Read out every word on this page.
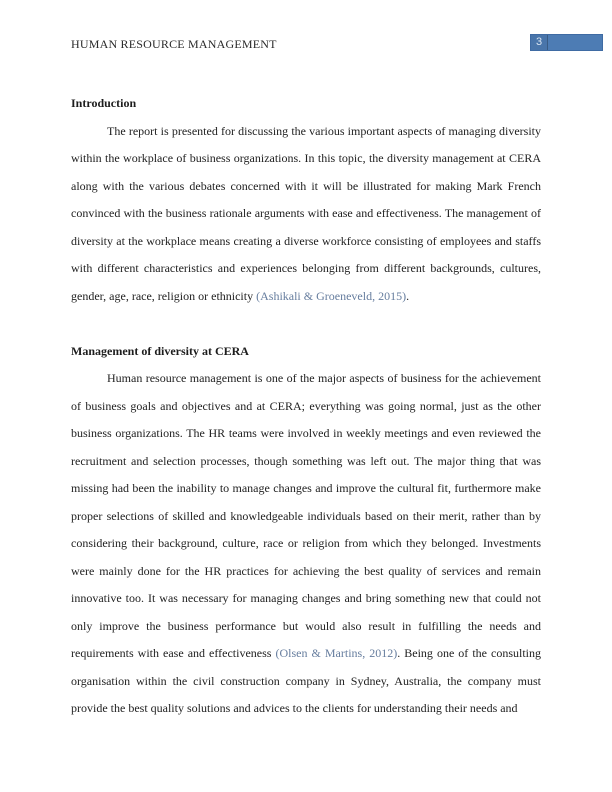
HUMAN RESOURCE MANAGEMENT	3
Introduction

The report is presented for discussing the various important aspects of managing diversity within the workplace of business organizations. In this topic, the diversity management at CERA along with the various debates concerned with it will be illustrated for making Mark French convinced with the business rationale arguments with ease and effectiveness. The management of diversity at the workplace means creating a diverse workforce consisting of employees and staffs with different characteristics and experiences belonging from different backgrounds, cultures, gender, age, race, religion or ethnicity (Ashikali & Groeneveld, 2015).

Management of diversity at CERA

Human resource management is one of the major aspects of business for the achievement of business goals and objectives and at CERA; everything was going normal, just as the other business organizations. The HR teams were involved in weekly meetings and even reviewed the recruitment and selection processes, though something was left out. The major thing that was missing had been the inability to manage changes and improve the cultural fit, furthermore make proper selections of skilled and knowledgeable individuals based on their merit, rather than by considering their background, culture, race or religion from which they belonged. Investments were mainly done for the HR practices for achieving the best quality of services and remain innovative too. It was necessary for managing changes and bring something new that could not only improve the business performance but would also result in fulfilling the needs and requirements with ease and effectiveness (Olsen & Martins, 2012). Being one of the consulting organisation within the civil construction company in Sydney, Australia, the company must provide the best quality solutions and advices to the clients for understanding their needs and
